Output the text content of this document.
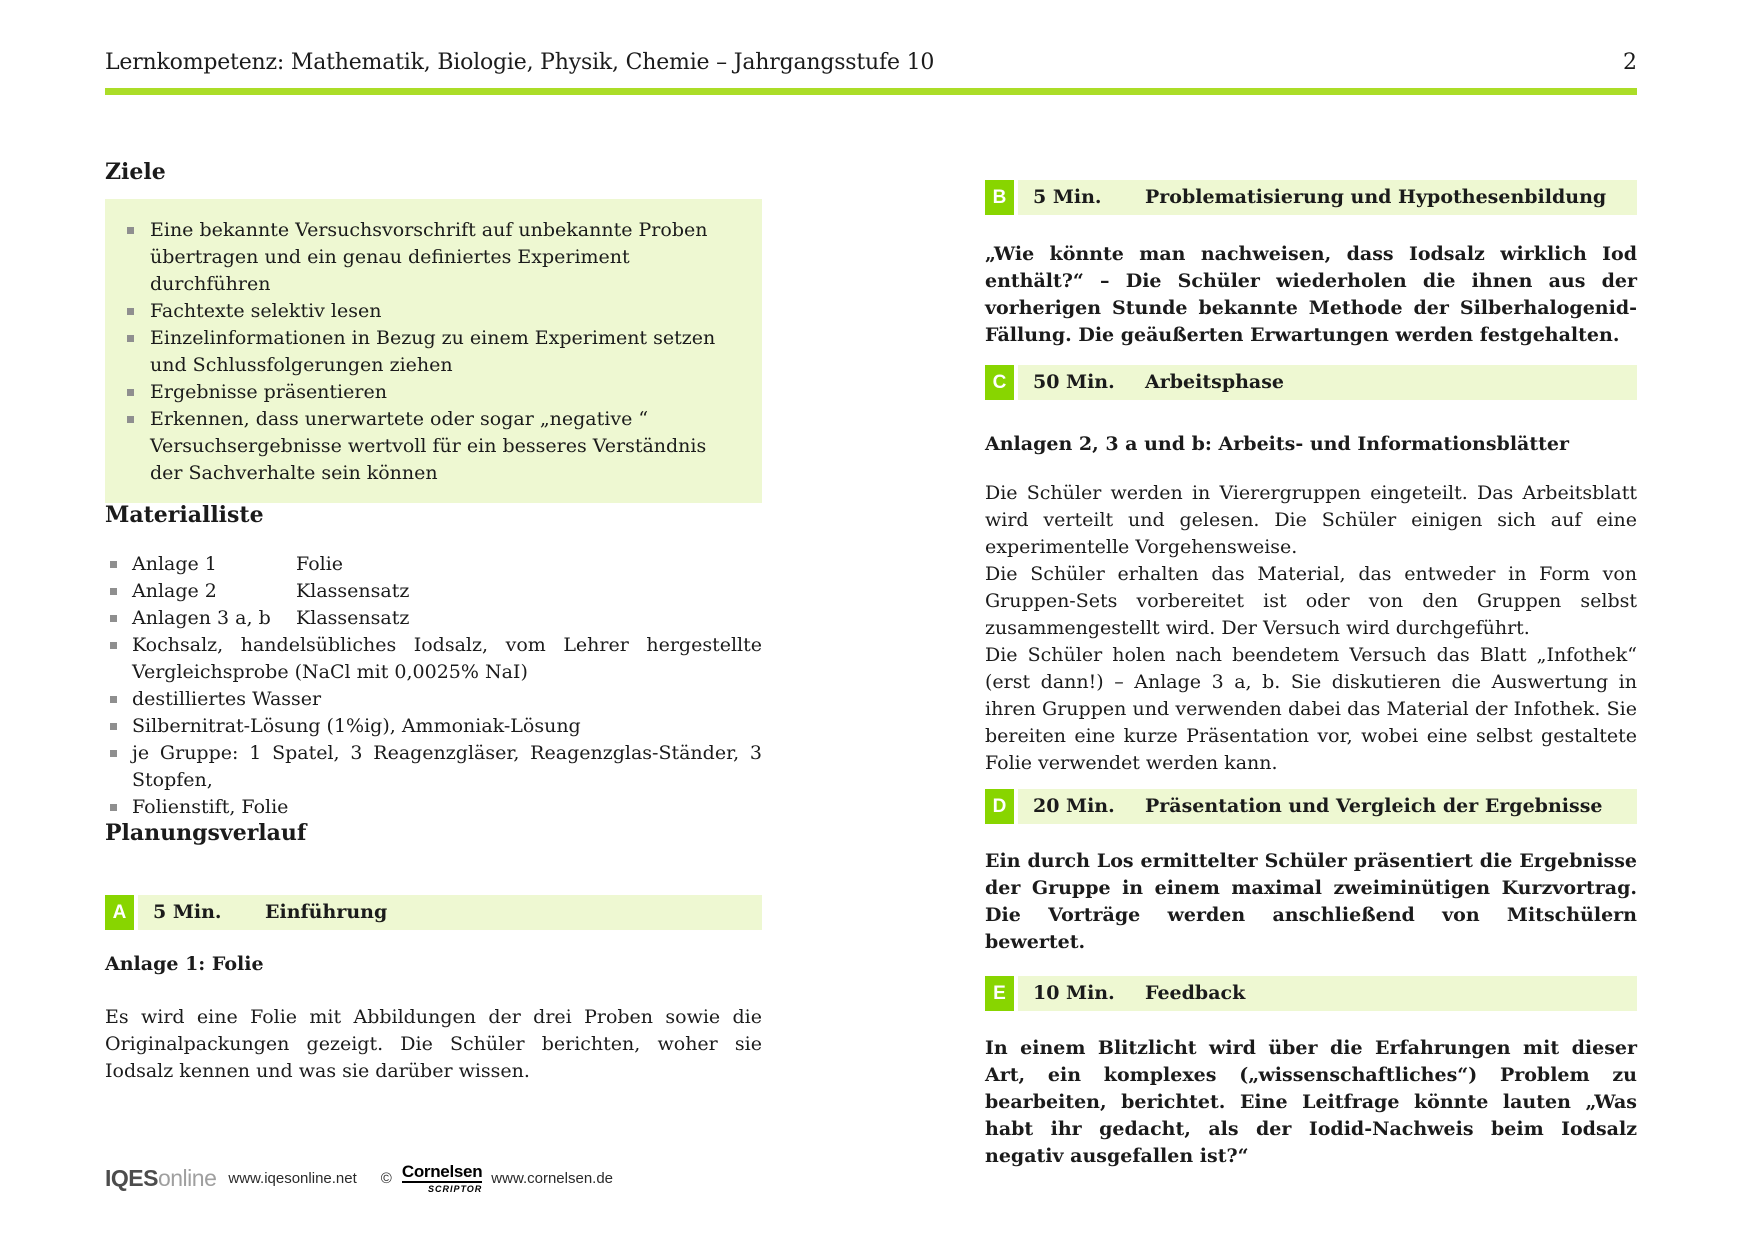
Lernkompetenz: Mathematik, Biologie, Physik, Chemie – Jahrgangsstufe 10	2
Ziele
Eine bekannte Versuchsvorschrift auf unbekannte Proben übertragen und ein genau definiertes Experiment durchführen
Fachtexte selektiv lesen
Einzelinformationen in Bezug zu einem Experiment setzen und Schlussfolgerungen ziehen
Ergebnisse präsentieren
Erkennen, dass unerwartete oder sogar „negative “ Versuchsergebnisse wertvoll für ein besseres Verständnis der Sachverhalte sein können
Materialliste
Anlage 1	Folie
Anlage 2	Klassensatz
Anlagen 3 a, b Klassensatz
Kochsalz, handelsübliches Iodsalz, vom Lehrer hergestellte Vergleichsprobe (NaCl mit 0,0025% NaI)
destilliertes Wasser
Silbernitrat-Lösung (1%ig), Ammoniak-Lösung
je Gruppe: 1 Spatel, 3 Reagenzgläser, Reagenzglas-Ständer, 3 Stopfen,
Folienstift, Folie
Planungsverlauf
A	5 Min.	Einführung
Anlage 1: Folie
Es wird eine Folie mit Abbildungen der drei Proben sowie die Originalpackungen gezeigt. Die Schüler berichten, woher sie Iodsalz kennen und was sie darüber wissen.
B	5 Min.	Problematisierung und Hypothesenbildung
„Wie könnte man nachweisen, dass Iodsalz wirklich Iod enthält?“ – Die Schüler wiederholen die ihnen aus der vorherigen Stunde bekannte Methode der Silberhalogenid-Fällung. Die geäußerten Erwartungen werden festgehalten.
C	50 Min.	Arbeitsphase
Anlagen 2, 3 a und b: Arbeits- und Informationsblätter
Die Schüler werden in Vierergruppen eingeteilt. Das Arbeitsblatt wird verteilt und gelesen. Die Schüler einigen sich auf eine experimentelle Vorgehensweise.
Die Schüler erhalten das Material, das entweder in Form von Gruppen-Sets vorbereitet ist oder von den Gruppen selbst zusammengestellt wird. Der Versuch wird durchgeführt.
Die Schüler holen nach beendetem Versuch das Blatt „Infothek“ (erst dann!) – Anlage 3 a, b. Sie diskutieren die Auswertung in ihren Gruppen und verwenden dabei das Material der Infothek. Sie bereiten eine kurze Präsentation vor, wobei eine selbst gestaltete Folie verwendet werden kann.
D	20 Min.	Präsentation und Vergleich der Ergebnisse
Ein durch Los ermittelter Schüler präsentiert die Ergebnisse der Gruppe in einem maximal zweiminütigen Kurzvortrag. Die Vorträge werden anschließend von Mitschülern bewertet.
E	10 Min.	Feedback
In einem Blitzlicht wird über die Erfahrungen mit dieser Art, ein komplexes („wissenschaftliches“) Problem zu bearbeiten, berichtet. Eine Leitfrage könnte lauten „Was habt ihr gedacht, als der Iodid-Nachweis beim Iodsalz negativ ausgefallen ist?“
IQESonline www.iqesonline.net © Cornelsen
SCRIPTOR
www.cornelsen.de
